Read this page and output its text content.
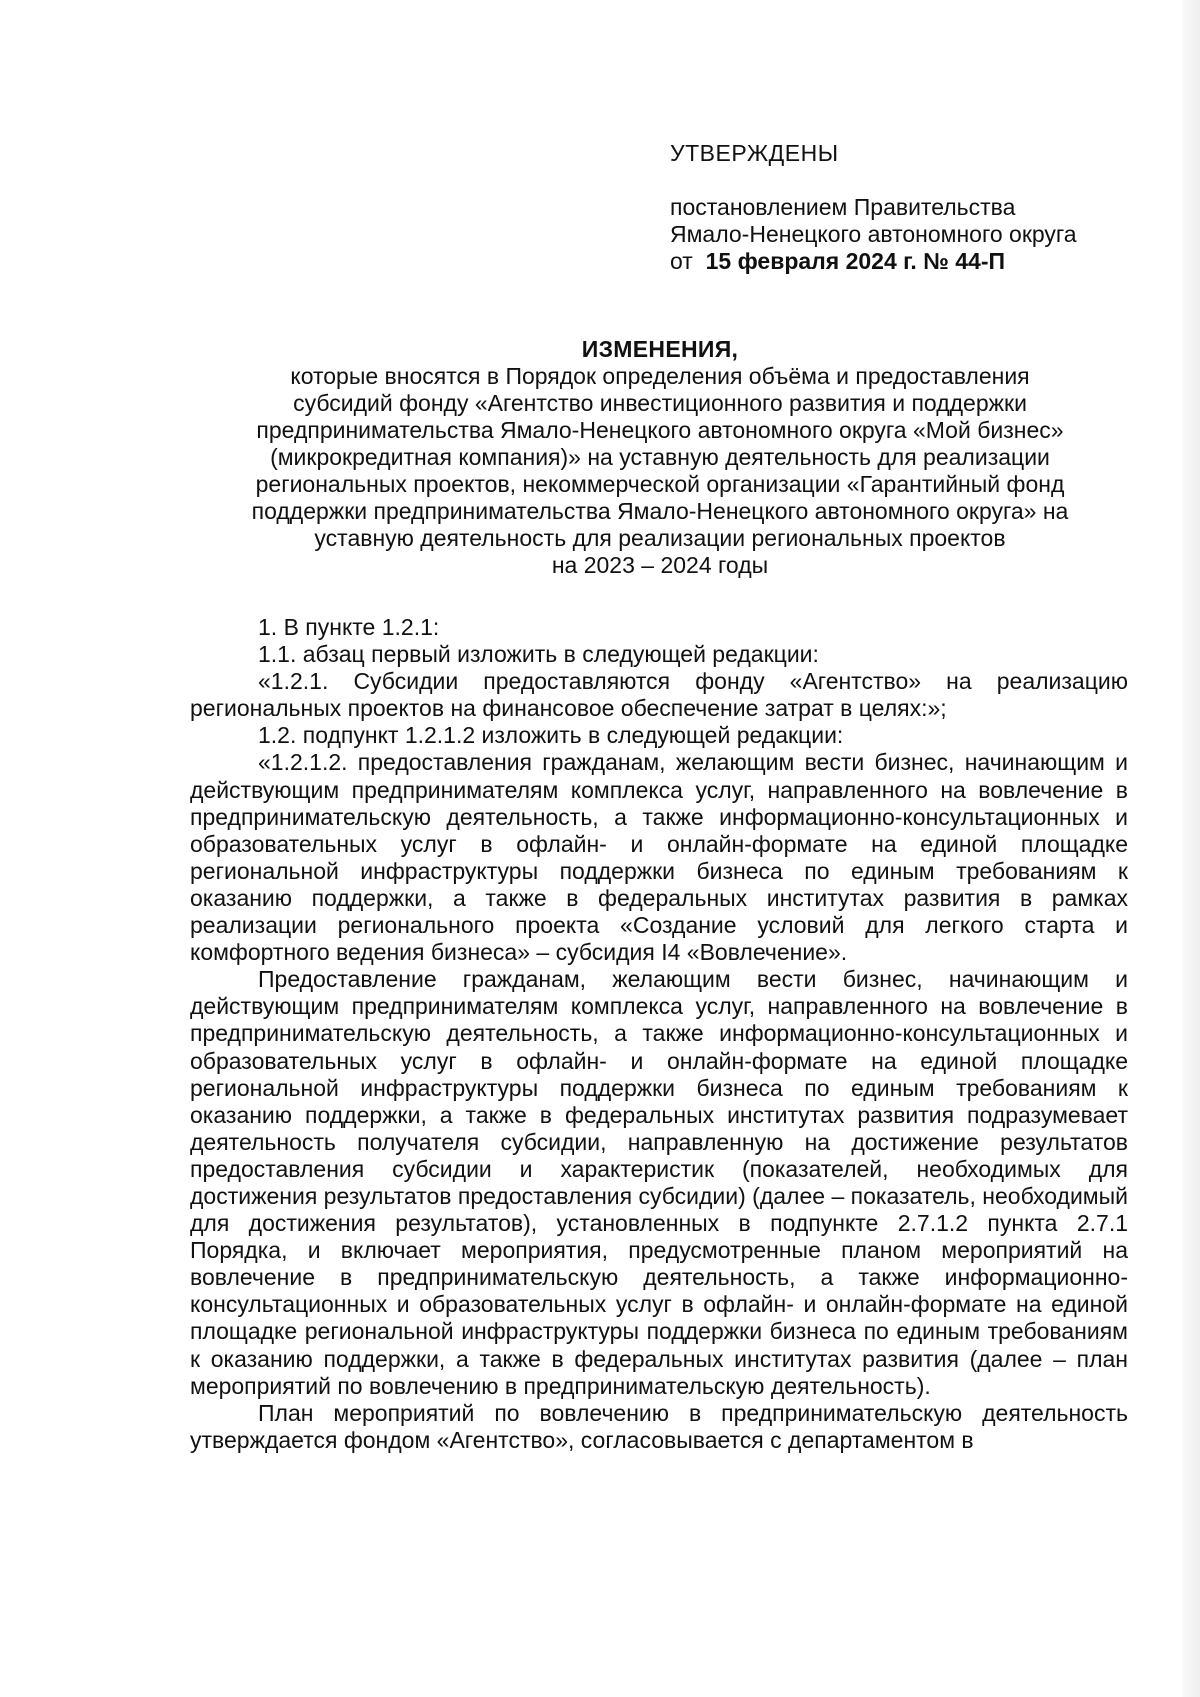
УТВЕРЖДЕНЫ
постановлением Правительства
Ямало-Ненецкого автономного округа
от 15 февраля 2024 г. № 44-П
ИЗМЕНЕНИЯ,
которые вносятся в Порядок определения объёма и предоставления
субсидий фонду «Агентство инвестиционного развития и поддержки
предпринимательства Ямало-Ненецкого автономного округа «Мой бизнес»
(микрокредитная компания)» на уставную деятельность для реализации
региональных проектов, некоммерческой организации «Гарантийный фонд
поддержки предпринимательства Ямало-Ненецкого автономного округа» на
уставную деятельность для реализации региональных проектов
на 2023 – 2024 годы

1. В пункте 1.2.1:

1.1. абзац первый изложить в следующей редакции:

«1.2.1. Субсидии предоставляются фонду «Агентство» на реализацию региональных проектов на финансовое обеспечение затрат в целях:»;

1.2. подпункт 1.2.1.2 изложить в следующей редакции:

«1.2.1.2. предоставления гражданам, желающим вести бизнес, начинающим и действующим предпринимателям комплекса услуг, направленного на вовлечение в предпринимательскую деятельность, а также информационно-консультационных и образовательных услуг в офлайн- и онлайн-формате на единой площадке региональной инфраструктуры поддержки бизнеса по единым требованиям к оказанию поддержки, а также в федеральных институтах развития в рамках реализации регионального проекта «Создание условий для легкого старта и комфортного ведения бизнеса» – субсидия I4 «Вовлечение».

Предоставление гражданам, желающим вести бизнес, начинающим и действующим предпринимателям комплекса услуг, направленного на вовлечение в предпринимательскую деятельность, а также информационно-консультационных и образовательных услуг в офлайн- и онлайн-формате на единой площадке региональной инфраструктуры поддержки бизнеса по единым требованиям к оказанию поддержки, а также в федеральных институтах развития подразумевает деятельность получателя субсидии, направленную на достижение результатов предоставления субсидии и характеристик (показателей, необходимых для достижения результатов предоставления субсидии) (далее – показатель, необходимый для достижения результатов), установленных в подпункте 2.7.1.2 пункта 2.7.1 Порядка, и включает мероприятия, предусмотренные планом мероприятий на вовлечение в предпринимательскую деятельность, а также информационно-консультационных и образовательных услуг в офлайн- и онлайн-формате на единой площадке региональной инфраструктуры поддержки бизнеса по единым требованиям к оказанию поддержки, а также в федеральных институтах развития (далее – план мероприятий по вовлечению в предпринимательскую деятельность).

План мероприятий по вовлечению в предпринимательскую деятельность утверждается фондом «Агентство», согласовывается с департаментом в
